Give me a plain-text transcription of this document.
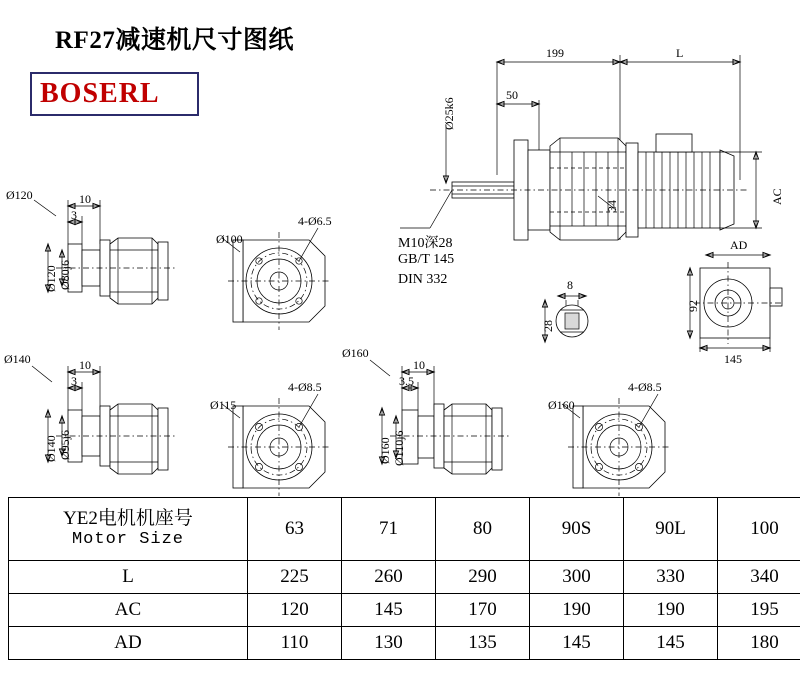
RF27减速机尺寸图纸
BOSERL
199	L
50
Ø25k6
34
AC
M10深28
GB/T 145
DIN 332	8
28
AD
92
145
Ø120	10
3
Ø120 Ø80j6
Ø100
4-Ø6.5
Ø140	10
3
Ø140 Ø95j6
Ø115
4-Ø8.5
Ø160
10
3.5
Ø160 Ø110j6
Ø160
4-Ø8.5
YE2电机机座号
Motor Size	63	71	80	90S	90L	100
L	225	260	290	300	330	340
AC	120	145	170	190	190	195
AD	110	130	135	145	145	180
